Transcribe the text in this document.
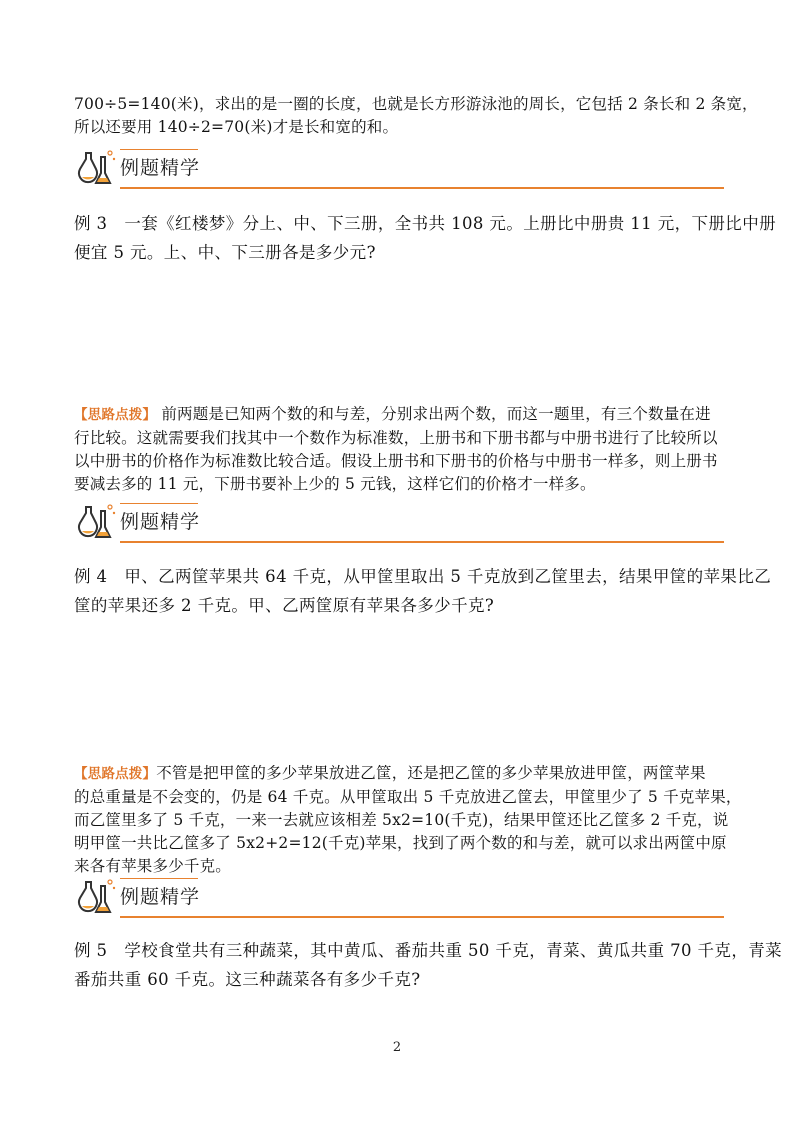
700÷5=140(米)，求出的是一圈的长度，也就是长方形游泳池的周长，它包括 2 条长和 2 条宽，
所以还要用 140÷2=70(米)才是长和宽的和。
例题精学
例 3　一套《红楼梦》分上、中、下三册，全书共 108 元。上册比中册贵 11 元，下册比中册
便宜 5 元。上、中、下三册各是多少元?
【思路点拨】 前两题是已知两个数的和与差，分别求出两个数，而这一题里，有三个数量在进
行比较。这就需要我们找其中一个数作为标准数，上册书和下册书都与中册书进行了比较所以
以中册书的价格作为标准数比较合适。假设上册书和下册书的价格与中册书一样多，则上册书
要减去多的 11 元，下册书要补上少的 5 元钱，这样它们的价格才一样多。
例题精学
例 4　甲、乙两筐苹果共 64 千克，从甲筐里取出 5 千克放到乙筐里去，结果甲筐的苹果比乙
筐的苹果还多 2 千克。甲、乙两筐原有苹果各多少千克?
【思路点拨】不管是把甲筐的多少苹果放进乙筐，还是把乙筐的多少苹果放进甲筐，两筐苹果
的总重量是不会变的，仍是 64 千克。从甲筐取出 5 千克放进乙筐去，甲筐里少了 5 千克苹果，
而乙筐里多了 5 千克，一来一去就应该相差 5x2=10(千克)，结果甲筐还比乙筐多 2 千克，说
明甲筐一共比乙筐多了 5x2+2=12(千克)苹果，找到了两个数的和与差，就可以求出两筐中原
来各有苹果多少千克。
例题精学
例 5　学校食堂共有三种蔬菜，其中黄瓜、番茄共重 50 千克，青菜、黄瓜共重 70 千克，青菜
番茄共重 60 千克。这三种蔬菜各有多少千克?
2
